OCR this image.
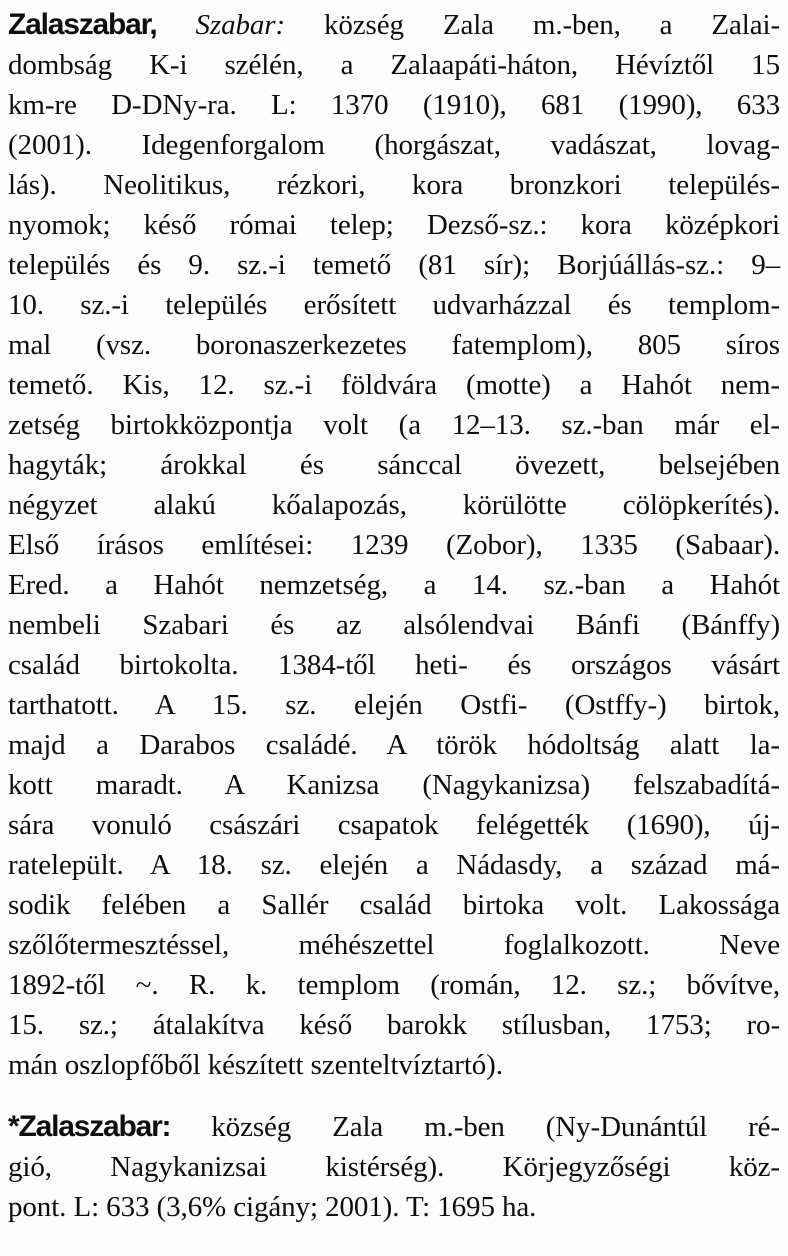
Zalaszabar, Szabar: község Zala m.-ben, a Zalai-
dombság K-i szélén, a Zalaapáti-háton, Hévíztől 15
km-re D-DNy-ra. L: 1370 (1910), 681 (1990), 633
(2001). Idegenforgalom (horgászat, vadászat, lovag-
lás). Neolitikus, rézkori, kora bronzkori település-
nyomok; késő római telep; Dezső-sz.: kora középkori
település és 9. sz.-i temető (81 sír); Borjúállás-sz.: 9–
10. sz.-i település erősített udvarházzal és templom-
mal (vsz. boronaszerkezetes fatemplom), 805 síros
temető. Kis, 12. sz.-i földvára (motte) a Hahót nem-
zetség birtokközpontja volt (a 12–13. sz.-ban már el-
hagyták; árokkal és sánccal övezett, belsejében
négyzet alakú kőalapozás, körülötte cölöpkerítés).
Első írásos említései: 1239 (Zobor), 1335 (Sabaar).
Ered. a Hahót nemzetség, a 14. sz.-ban a Hahót
nembeli Szabari és az alsólendvai Bánfi (Bánffy)
család birtokolta. 1384-től heti- és országos vásárt
tarthatott. A 15. sz. elején Ostfi- (Ostffy-) birtok,
majd a Darabos családé. A török hódoltság alatt la-
kott maradt. A Kanizsa (Nagykanizsa) felszabadítá-
sára vonuló császári csapatok felégették (1690), új-
ratelepült. A 18. sz. elején a Nádasdy, a század má-
sodik felében a Sallér család birtoka volt. Lakossága
szőlőtermesztéssel, méhészettel foglalkozott. Neve
1892-től ~. R. k. templom (román, 12. sz.; bővítve,
15. sz.; átalakítva késő barokk stílusban, 1753; ro-
mán oszlopfőből készített szenteltvíztartó).
*Zalaszabar: község Zala m.-ben (Ny-Dunántúl ré-
gió, Nagykanizsai kistérség). Körjegyzőségi köz-
pont. L: 633 (3,6% cigány; 2001). T: 1695 ha.
